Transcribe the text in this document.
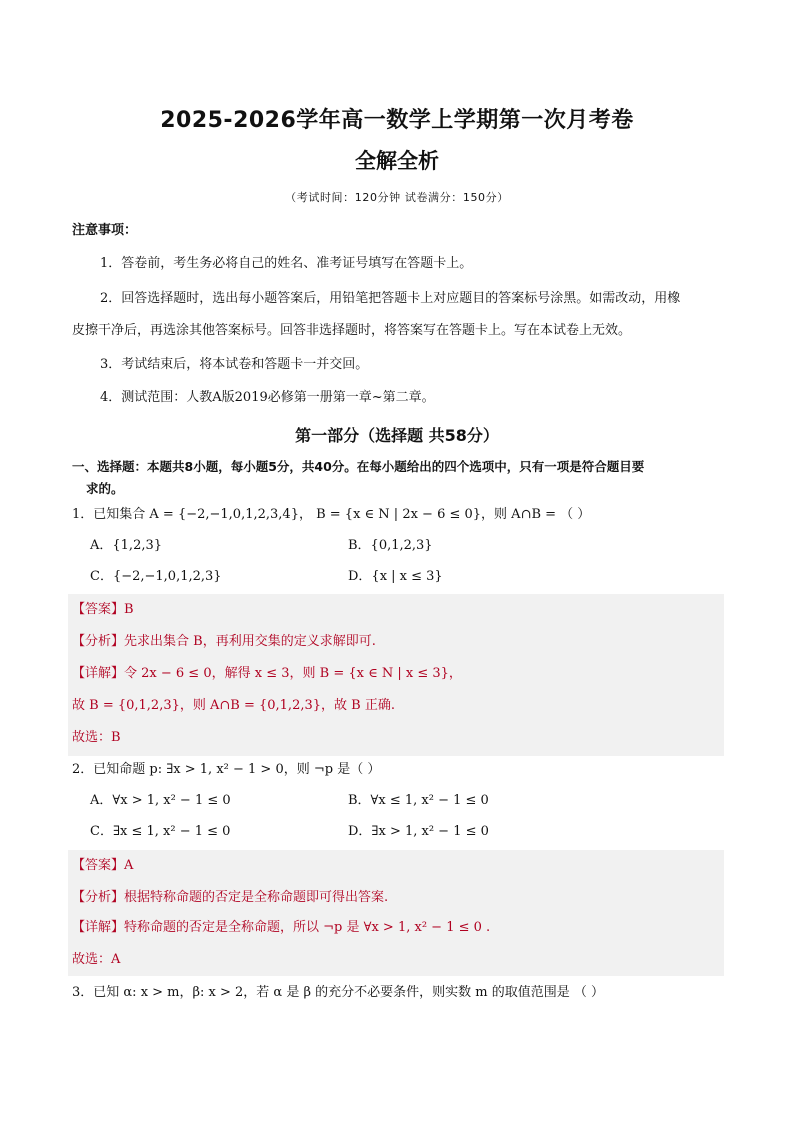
2025-2026学年高一数学上学期第一次月考卷
全解全析
（考试时间：120分钟 试卷满分：150分）
注意事项：
1．答卷前，考生务必将自己的姓名、准考证号填写在答题卡上。
2．回答选择题时，选出每小题答案后，用铅笔把答题卡上对应题目的答案标号涂黑。如需改动，用橡
皮擦干净后，再选涂其他答案标号。回答非选择题时，将答案写在答题卡上。写在本试卷上无效。
3．考试结束后，将本试卷和答题卡一并交回。
4．测试范围：人教A版2019必修第一册第一章~第二章。
第一部分（选择题 共58分）
一、选择题：本题共8小题，每小题5分，共40分。在每小题给出的四个选项中，只有一项是符合题目要
求的。
1．已知集合 A = {−2,−1,0,1,2,3,4}， B = {x ∈ N | 2x − 6 ≤ 0}，则 A∩B = （ ）
A．{1,2,3}	B．{0,1,2,3}
C．{−2,−1,0,1,2,3}	D．{x | x ≤ 3}
【答案】B
【分析】先求出集合 B，再利用交集的定义求解即可.
【详解】令 2x − 6 ≤ 0，解得 x ≤ 3，则 B = {x ∈ N | x ≤ 3}，
故 B = {0,1,2,3}，则 A∩B = {0,1,2,3}，故 B 正确.
故选：B
2．已知命题 p: ∃x > 1, x² − 1 > 0，则 ¬p 是（ ）
A．∀x > 1, x² − 1 ≤ 0	B．∀x ≤ 1, x² − 1 ≤ 0
C．∃x ≤ 1, x² − 1 ≤ 0	D．∃x > 1, x² − 1 ≤ 0
【答案】A
【分析】根据特称命题的否定是全称命题即可得出答案.
【详解】特称命题的否定是全称命题，所以 ¬p 是 ∀x > 1, x² − 1 ≤ 0 .
故选：A
3．已知 α: x > m，β: x > 2，若 α 是 β 的充分不必要条件，则实数 m 的取值范围是 （ ）
